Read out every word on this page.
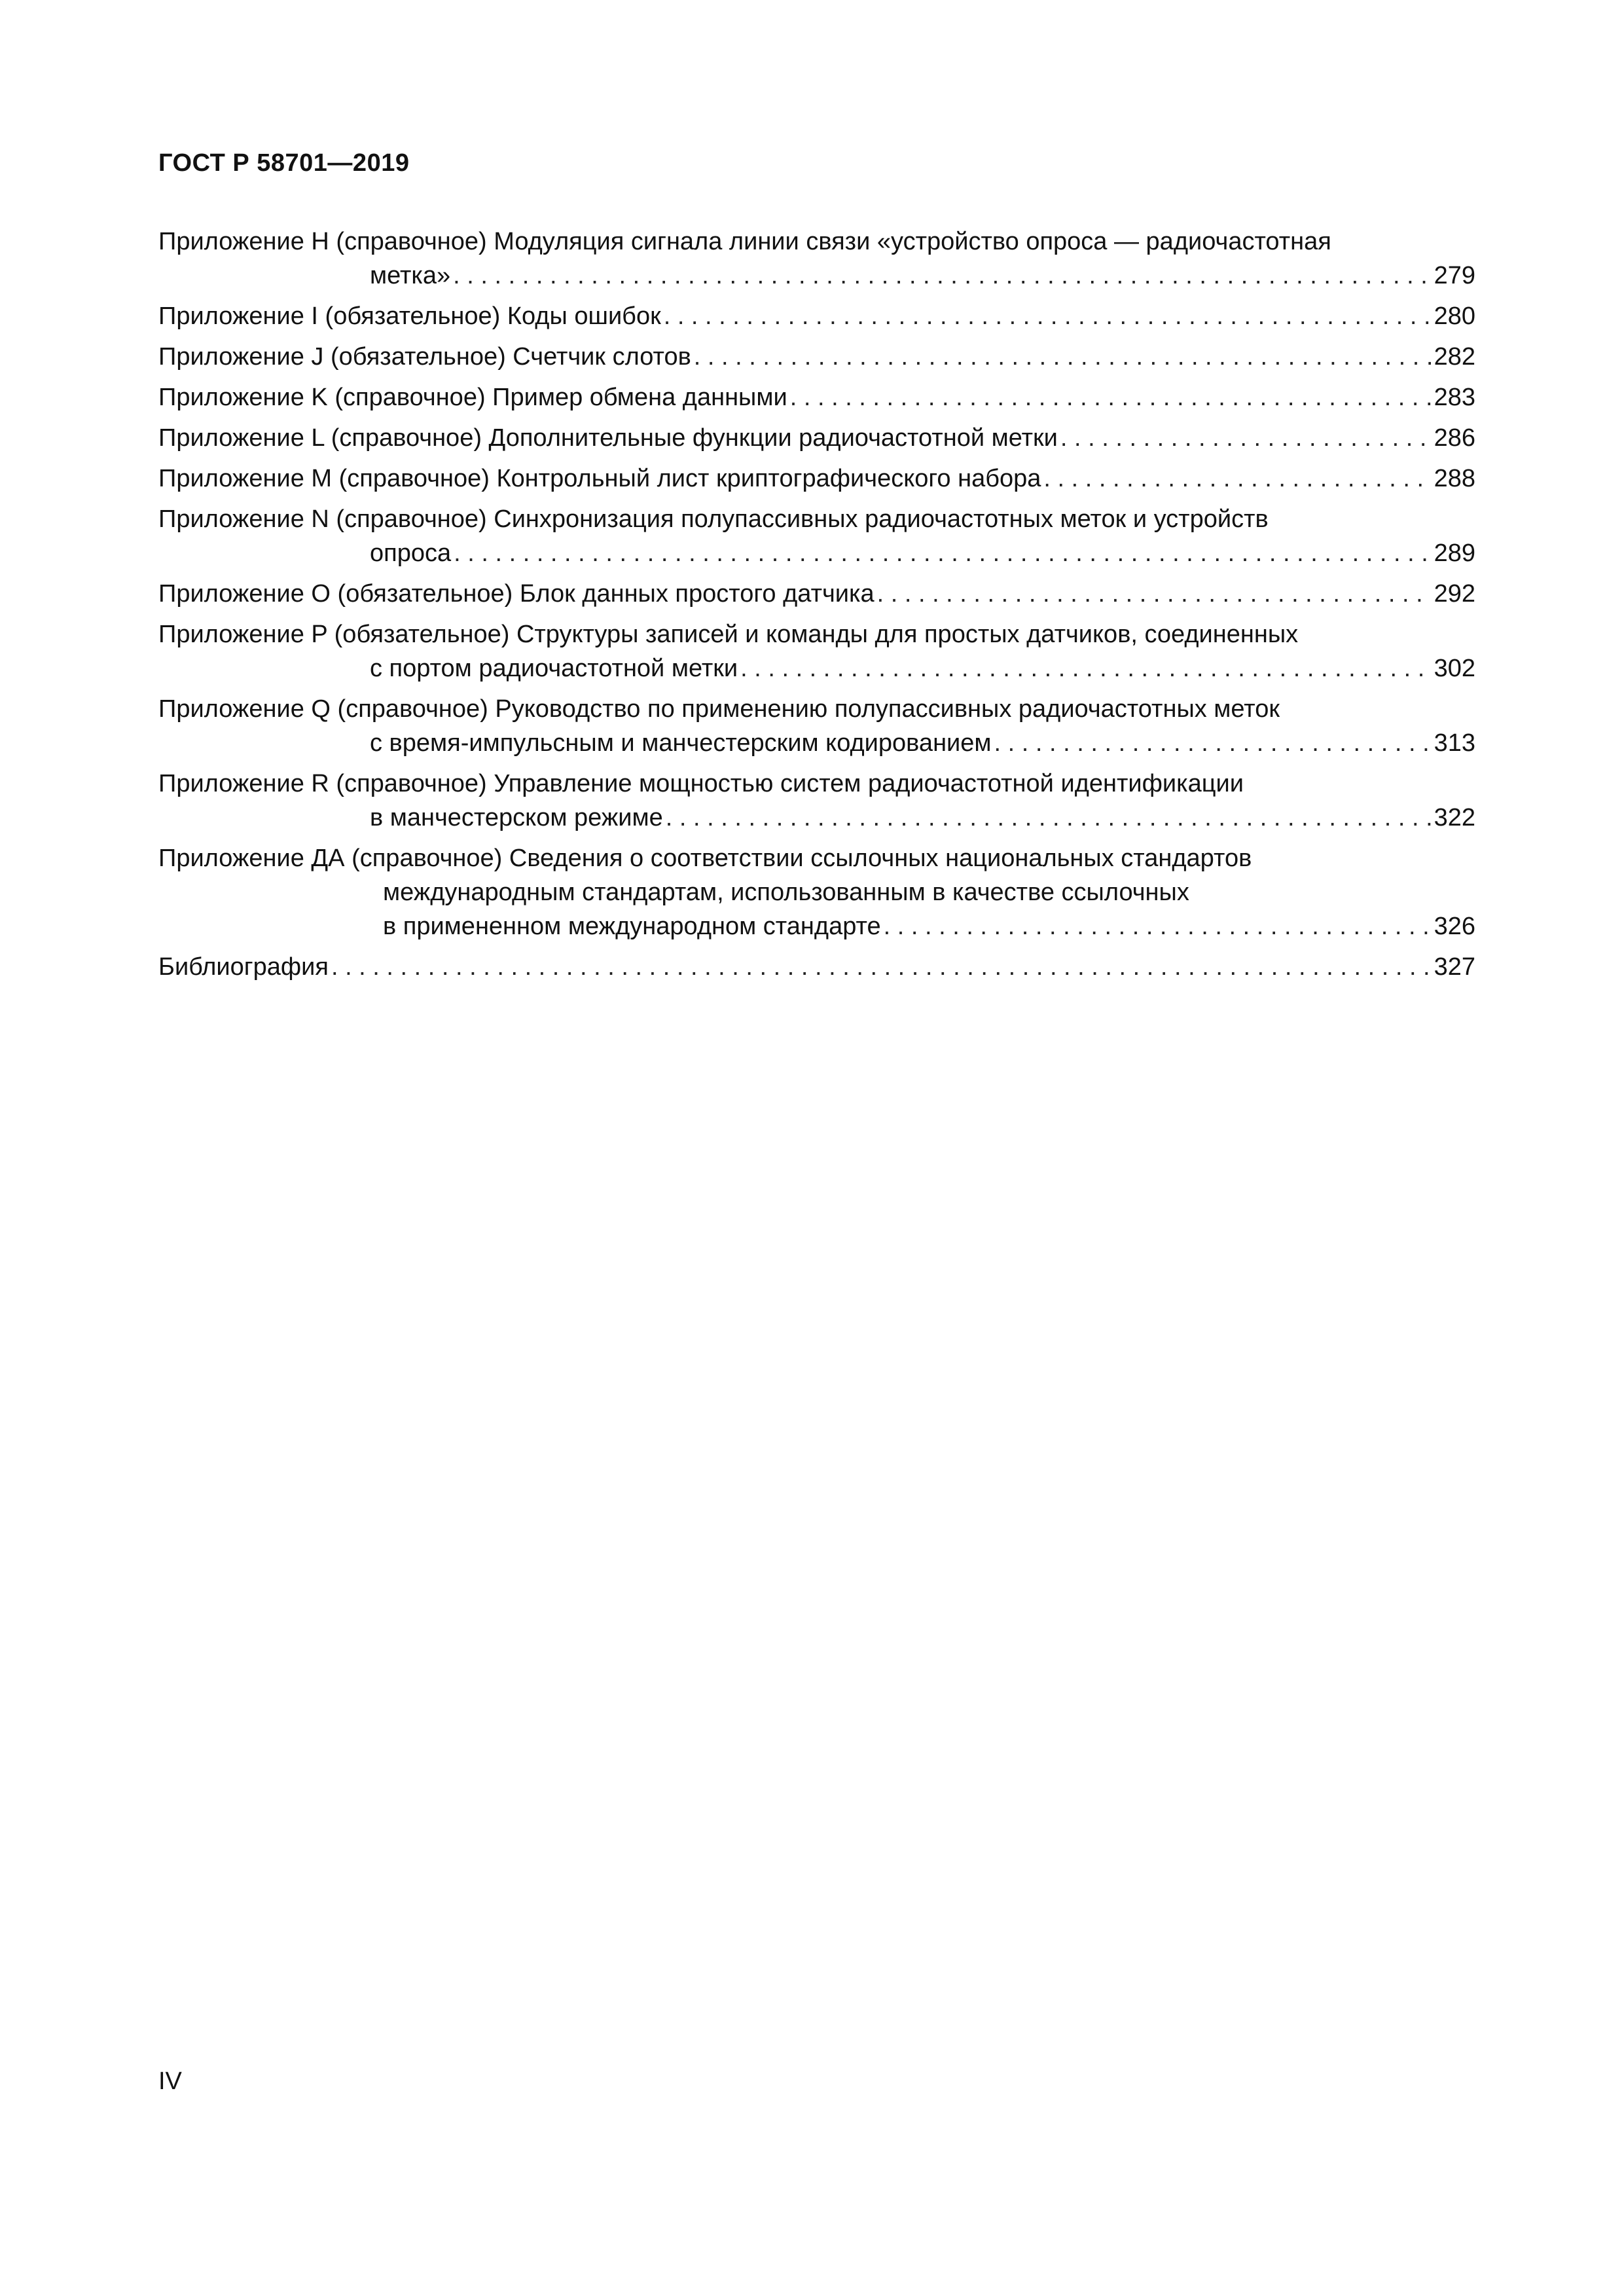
ГОСТ Р 58701—2019
Приложение H (справочное) Модуляция сигнала линии связи «устройство опроса — радиочастотная
метка» . . .	279
Приложение I (обязательное) Коды ошибок . . .	280
Приложение J (обязательное) Счетчик слотов . . .	282
Приложение K (справочное) Пример обмена данными . . .	283
Приложение L (справочное) Дополнительные функции радиочастотной метки . . .	286
Приложение M (справочное) Контрольный лист криптографического набора . . .	288
Приложение N (справочное) Синхронизация полупассивных радиочастотных меток и устройств
опроса . . .	289
Приложение O (обязательное) Блок данных простого датчика . . .	292
Приложение P (обязательное) Структуры записей и команды для простых датчиков, соединенных
с портом радиочастотной метки . . .	302
Приложение Q (справочное) Руководство по применению полупассивных радиочастотных меток
с время-импульсным и манчестерским кодированием . . .	313
Приложение R (справочное) Управление мощностью систем радиочастотной идентификации
в манчестерском режиме . . .	322
Приложение ДА (справочное) Сведения о соответствии ссылочных национальных стандартов
международным стандартам, использованным в качестве ссылочных
в примененном международном стандарте . . .	326
Библиография . . .	327
IV
